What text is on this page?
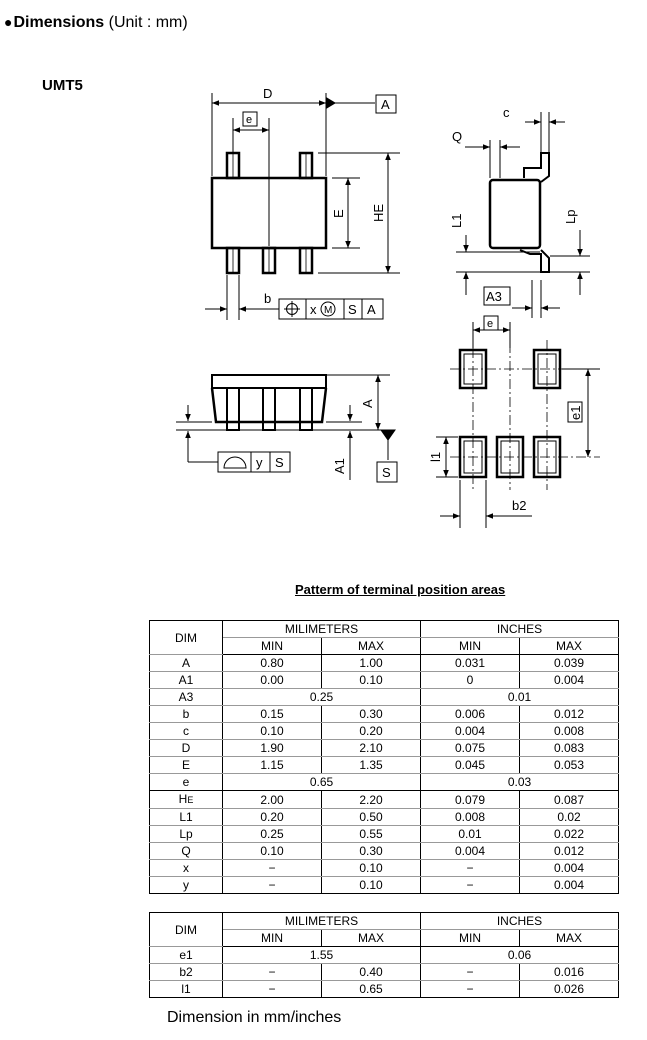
●Dimensions (Unit : mm)
UMT5	D
A
e
E HE
b
x M S A
c
Q
L1	Lp
A3
A
A1
y S
S
e
e1
l1
b2
Patterm of terminal position areas
DIM	MILIMETERS		INCHES	
	MIN	MAX	MIN	MAX
A	0.80	1.00	0.031	0.039
A1	0.00	0.10	0	0.004
A3	0.25		0.01	
b	0.15	0.30	0.006	0.012
c	0.10	0.20	0.004	0.008
D	1.90	2.10	0.075	0.083
E	1.15	1.35	0.045	0.053
e	0.65		0.03	
HE	2.00	2.20	0.079	0.087
L1	0.20	0.50	0.008	0.02
Lp	0.25	0.55	0.01	0.022
Q	0.10	0.30	0.004	0.012
x	−	0.10	−	0.004
y	−	0.10	−	0.004
DIM	MILIMETERS		INCHES	
	MIN	MAX	MIN	MAX
e1	1.55		0.06	
b2	−	0.40	−	0.016
l1	−	0.65	−	0.026
Dimension in mm/inches
